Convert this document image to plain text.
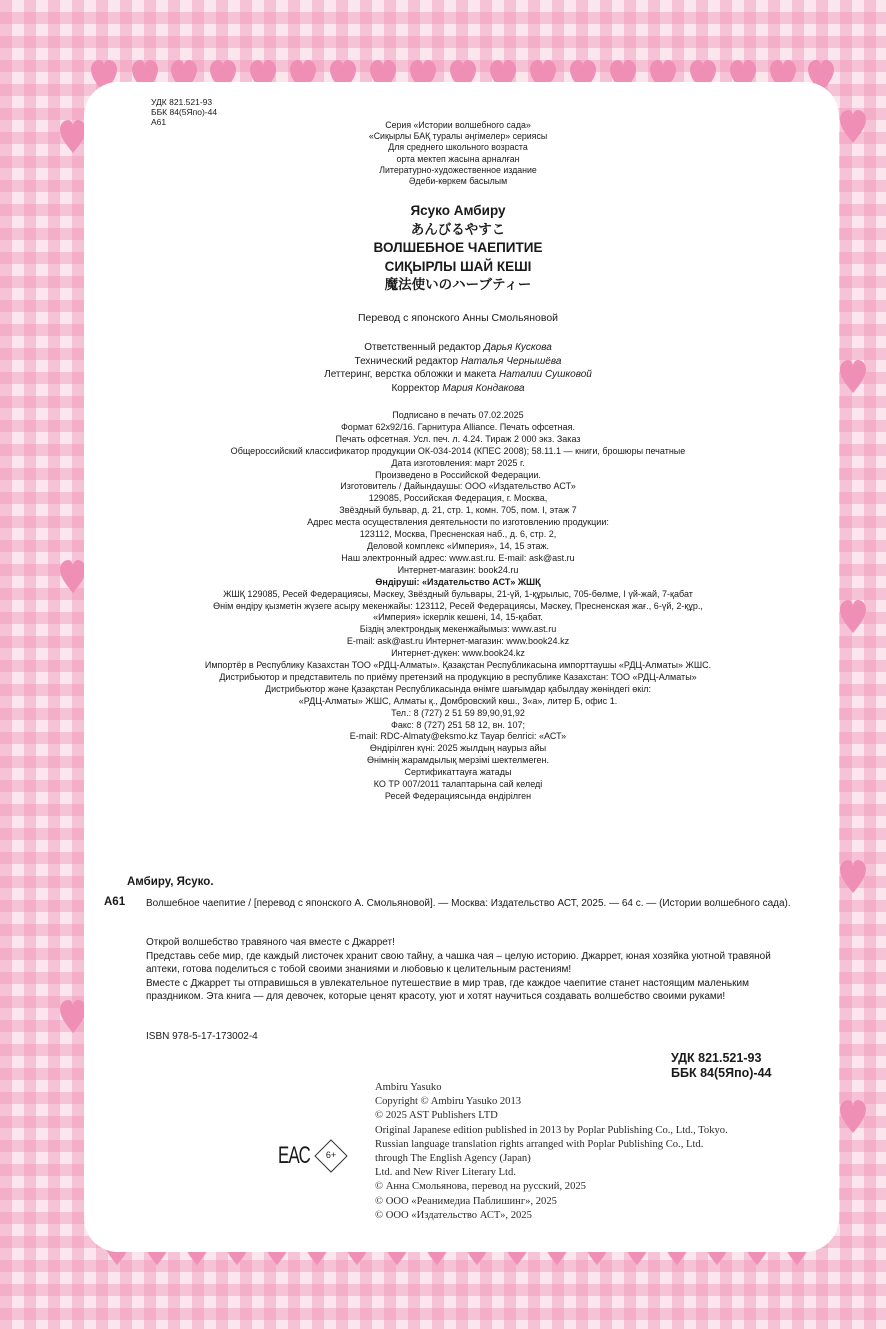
УДК 821.521-93
ББК 84(5Япо)-44
А61	Серия «Истории волшебного сада»
«Сиқырлы БАҚ туралы әңгімелер» сериясы
Для среднего школьного возраста
орта мектеп жасына арналған
Литературно-художественное издание
Әдеби-көркем басылым
Ясуко Амбиру
あんびるやすこ
ВОЛШЕБНОЕ ЧАЕПИТИЕ
СИҚЫРЛЫ ШАЙ КЕШІ
魔法使いのハーブティー
Перевод с японского Анны Смольяновой
Ответственный редактор Дарья Кускова
Технический редактор Наталья Чернышёва
Леттеринг, верстка обложки и макета Наталии Сушковой
Корректор Мария Кондакова
Подписано в печать 07.02.2025
Формат 62x92/16. Гарнитура Alliance. Печать офсетная.
Печать офсетная. Усл. печ. л. 4.24. Тираж 2 000 экз. Заказ
Общероссийский классификатор продукции ОК-034-2014 (КПЕС 2008); 58.11.1 — книги, брошюры печатные
Дата изготовления: март 2025 г.
Произведено в Российской Федерации.
Изготовитель / Дайындаушы: ООО «Издательство АСТ»
129085, Российская Федерация, г. Москва,
Звёздный бульвар, д. 21, стр. 1, комн. 705, пом. I, этаж 7
Адрес места осуществления деятельности по изготовлению продукции:
123112, Москва, Пресненская наб., д. 6, стр. 2,
Деловой комплекс «Империя», 14, 15 этаж.
Наш электронный адрес: www.ast.ru. E-mail: ask@ast.ru
Интернет-магазин: book24.ru
Өндіруші: «Издательство АСТ» ЖШҚ
ЖШҚ 129085, Ресей Федерациясы, Мәскеу, Звёздный бульвары, 21-үй, 1-құрылыс, 705-бөлме, I үй-жай, 7-қабат
Өнім өндіру қызметін жүзеге асыру мекенжайы: 123112, Ресей Федерациясы, Мәскеу, Пресненская жағ., 6-үй, 2-құр.,
«Империя» іскерлік кешені, 14, 15-қабат.
Біздің электрондық мекенжайымыз: www.ast.ru
E-mail: ask@ast.ru Интернет-магазин: www.book24.kz
Интернет-дүкен: www.book24.kz
Импортёр в Республику Казахстан ТОО «РДЦ-Алматы». Қазақстан Республикасына импорттаушы «РДЦ-Алматы» ЖШС.
Дистрибьютор и представитель по приёму претензий на продукцию в республике Казахстан: ТОО «РДЦ-Алматы»
Дистрибьютор және Қазақстан Республикасында өнімге шағымдар қабылдау жөніндегі өкіл:
«РДЦ-Алматы» ЖШС, Алматы қ., Домбровский көш., 3«а», литер Б, офис 1.
Тел.: 8 (727) 2 51 59 89,90,91,92
Факс: 8 (727) 251 58 12, вн. 107;
E-mail: RDC-Almaty@eksmo.kz Тауар белгісі: «АСТ»
Өндірілген күні: 2025 жылдың наурыз айы
Өнімнің жарамдылық мерзімі шектелмеген.
Сертификаттауға жатады
КО ТР 007/2011 талаптарына сай келеді
Ресей Федерациясында өндірілген
Амбиру, Ясуко.
А61 Волшебное чаепитие / [перевод с японского А. Смольяновой]. — Москва: Издательство АСТ, 2025. — 64 с. — (Истории волшебного сада).

Открой волшебство травяного чая вместе с Джаррет!

Представь себе мир, где каждый листочек хранит свою тайну, а чашка чая – целую историю. Джаррет, юная хозяйка уютной травяной аптеки, готова поделиться с тобой своими знаниями и любовью к целительным растениям!

Вместе с Джаррет ты отправишься в увлекательное путешествие в мир трав, где каждое чаепитие станет настоящим маленьким праздником. Эта книга — для девочек, которые ценят красоту, уют и хотят научиться создавать волшебство своими руками!

ISBN 978-5-17-173002-4
УДК 821.521-93
ББК 84(5Япо)-44
Ambiru Yasuko
Copyright © Ambiru Yasuko 2013
© 2025 AST Publishers LTD
Original Japanese edition published in 2013 by Poplar Publishing Co., Ltd., Tokyo.
Russian language translation rights arranged with Poplar Publishing Co., Ltd.
through The English Agency (Japan)
Ltd. and New River Literary Ltd.
© Анна Смольянова, перевод на русский, 2025
© ООО «Реанимедиа Паблишинг», 2025
© ООО «Издательство АСТ», 2025
ЕАС	6+
